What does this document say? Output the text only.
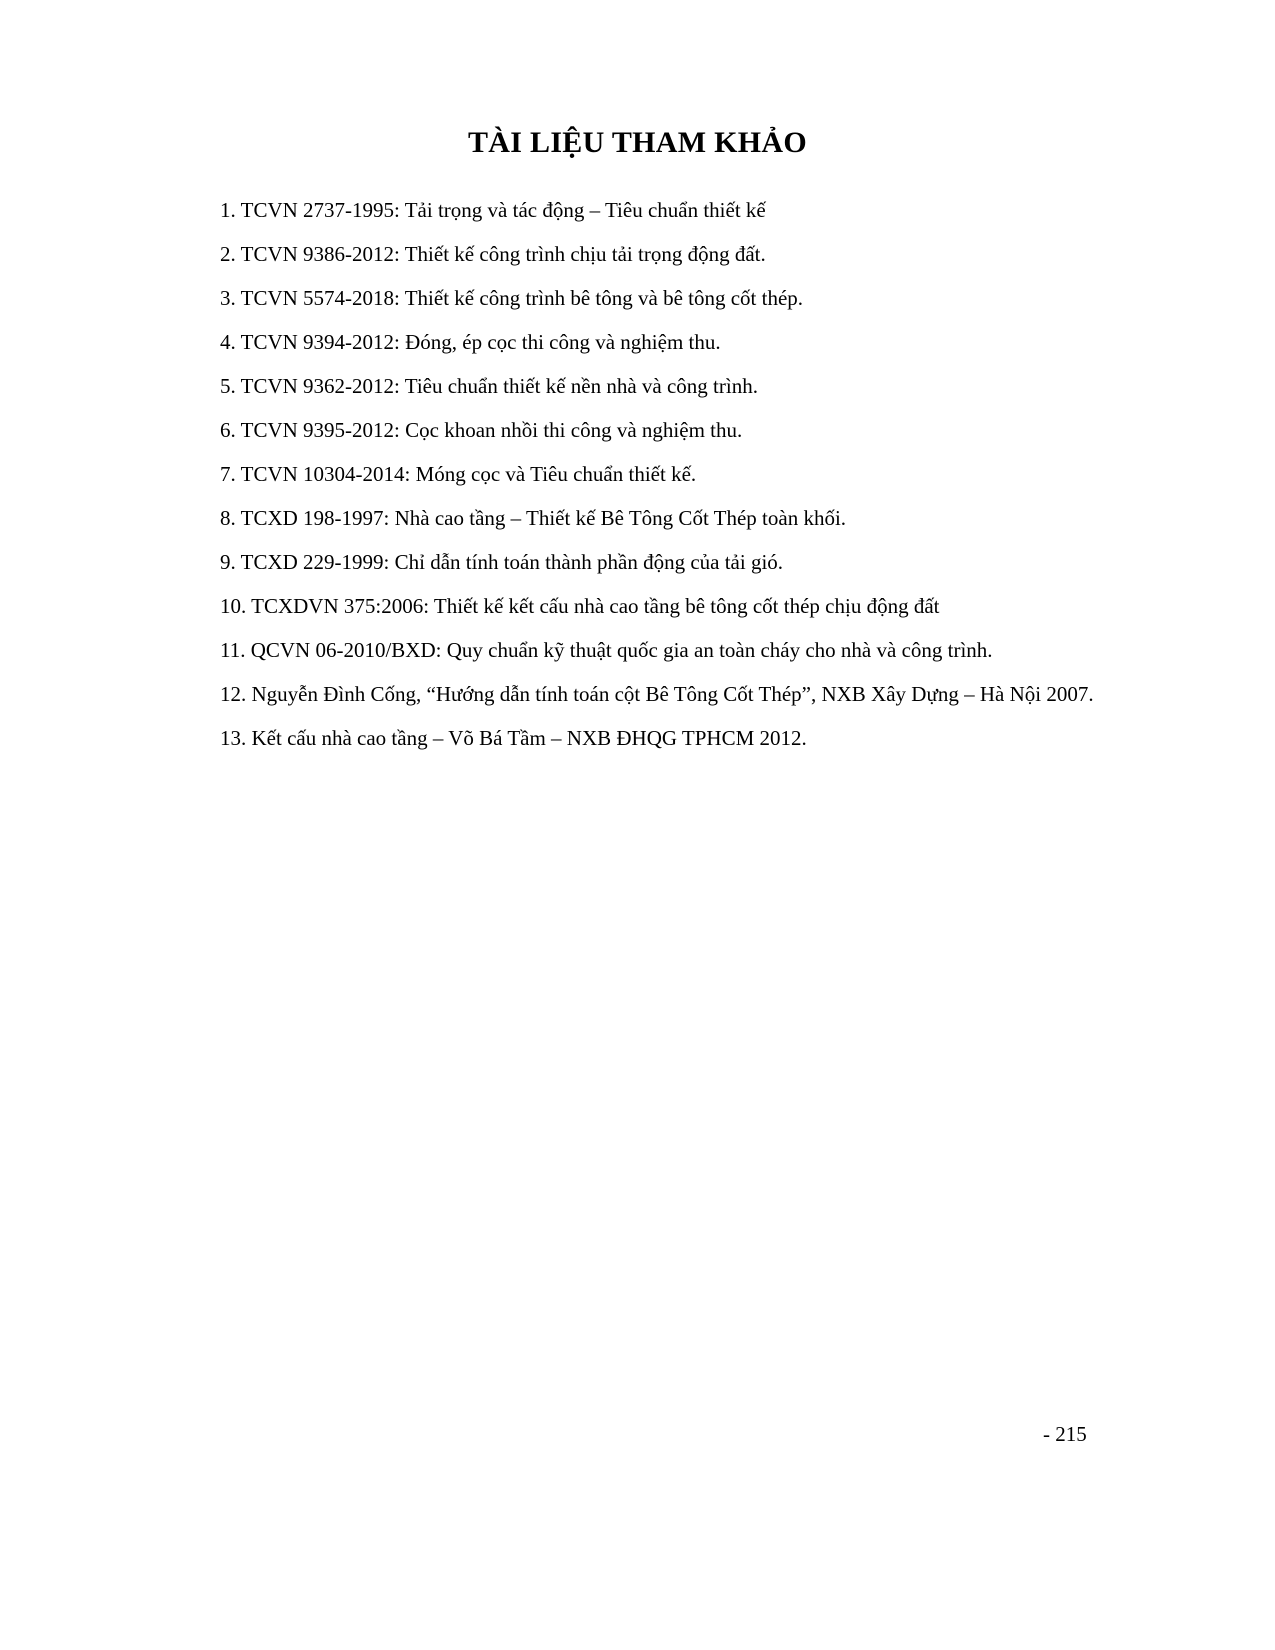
TÀI LIỆU THAM KHẢO
1. TCVN 2737-1995: Tải trọng và tác động – Tiêu chuẩn thiết kế
2. TCVN 9386-2012: Thiết kế công trình chịu tải trọng động đất.
3. TCVN 5574-2018: Thiết kế công trình bê tông và bê tông cốt thép.
4. TCVN 9394-2012: Đóng, ép cọc thi công và nghiệm thu.
5. TCVN 9362-2012: Tiêu chuẩn thiết kế nền nhà và công trình.
6. TCVN 9395-2012: Cọc khoan nhồi thi công và nghiệm thu.
7. TCVN 10304-2014: Móng cọc và Tiêu chuẩn thiết kế.
8. TCXD 198-1997: Nhà cao tầng – Thiết kế Bê Tông Cốt Thép toàn khối.
9. TCXD 229-1999: Chỉ dẫn tính toán thành phần động của tải gió.
10. TCXDVN 375:2006: Thiết kế kết cấu nhà cao tầng bê tông cốt thép chịu động đất
11. QCVN 06-2010/BXD: Quy chuẩn kỹ thuật quốc gia an toàn cháy cho nhà và công trình.
12. Nguyễn Đình Cống, “Hướng dẫn tính toán cột Bê Tông Cốt Thép”, NXB Xây Dựng – Hà Nội 2007.
13. Kết cấu nhà cao tầng – Võ Bá Tầm – NXB ĐHQG TPHCM 2012.
- 215
